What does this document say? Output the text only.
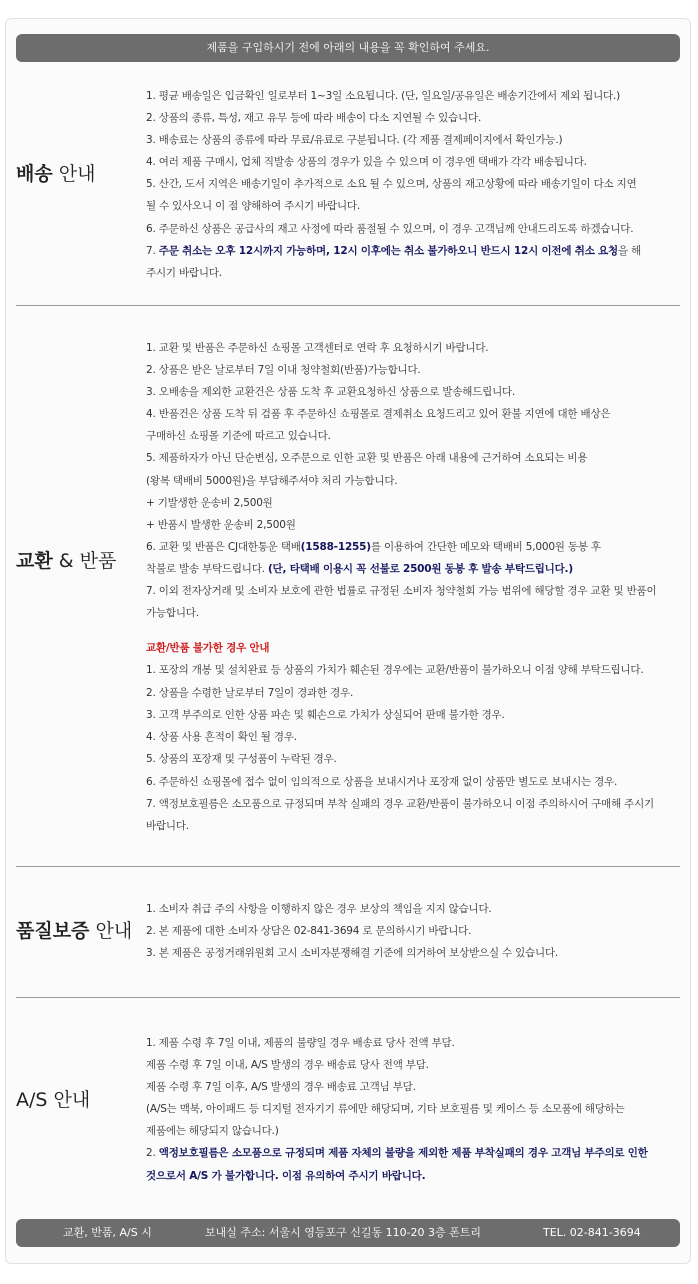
제품을 구입하시기 전에 아래의 내용을 꼭 확인하여 주세요.
배송 안내
1. 평균 배송일은 입금확인 일로부터 1~3일 소요됩니다. (단, 일요일/공유일은 배송기간에서 제외 됩니다.)
2. 상품의 종류, 특성, 재고 유무 등에 따라 배송이 다소 지연될 수 있습니다.
3. 배송료는 상품의 종류에 따라 무료/유료로 구분됩니다. (각 제품 결제페이지에서 확인가능.)
4. 여러 제품 구매시, 업체 직발송 상품의 경우가 있을 수 있으며 이 경우엔 택배가 각각 배송됩니다.
5. 산간, 도서 지역은 배송기일이 추가적으로 소요 될 수 있으며, 상품의 재고상황에 따라 배송기일이 다소 지연
될 수 있사오니 이 점 양해하여 주시기 바랍니다.
6. 주문하신 상품은 공급사의 재고 사정에 따라 품절될 수 있으며, 이 경우 고객님께 안내드리도록 하겠습니다.
7. 주문 취소는 오후 12시까지 가능하며, 12시 이후에는 취소 불가하오니 반드시 12시 이전에 취소 요청을 해
주시기 바랍니다.
교환 & 반품
1. 교환 및 반품은 주문하신 쇼핑몰 고객센터로 연락 후 요청하시기 바랍니다.
2. 상품은 받은 날로부터 7일 이내 청약철회(반품)가능합니다.
3. 오배송을 제외한 교환건은 상품 도착 후 교환요청하신 상품으로 발송해드립니다.
4. 반품건은 상품 도착 뒤 검품 후 주문하신 쇼핑몰로 결제취소 요청드리고 있어 환불 지연에 대한 배상은
구매하신 쇼핑몰 기준에 따르고 있습니다.
5. 제품하자가 아닌 단순변심, 오주문으로 인한 교환 및 반품은 아래 내용에 근거하여 소요되는 비용
(왕복 택배비 5000원)을 부담해주셔야 처리 가능합니다.
+ 기발생한 운송비 2,500원
+ 반품시 발생한 운송비 2,500원
6. 교환 및 반품은 CJ대한통운 택배(1588-1255)를 이용하여 간단한 메모와 택배비 5,000원 동봉 후
착불로 발송 부탁드립니다. (단, 타택배 이용시 꼭 선불로 2500원 동봉 후 발송 부탁드립니다.)
7. 이외 전자상거래 및 소비자 보호에 관한 법률로 규정된 소비자 청약철회 가능 범위에 해당할 경우 교환 및 반품이
가능합니다.
교환/반품 불가한 경우 안내
1. 포장의 개봉 및 설치완료 등 상품의 가치가 훼손된 경우에는 교환/반품이 불가하오니 이점 양해 부탁드립니다.
2. 상품을 수령한 날로부터 7일이 경과한 경우.
3. 고객 부주의로 인한 상품 파손 및 훼손으로 가치가 상실되어 판매 불가한 경우.
4. 상품 사용 흔적이 확인 될 경우.
5. 상품의 포장재 및 구성품이 누락된 경우.
6. 주문하신 쇼핑몰에 접수 없이 임의적으로 상품을 보내시거나 포장재 없이 상품만 별도로 보내시는 경우.
7. 액정보호필름은 소모품으로 규정되며 부착 실패의 경우 교환/반품이 불가하오니 이점 주의하시어 구매해 주시기
바랍니다.
품질보증 안내
1. 소비자 취급 주의 사항을 이행하지 않은 경우 보상의 책임을 지지 않습니다.
2. 본 제품에 대한 소비자 상담은 02-841-3694 로 문의하시기 바랍니다.
3. 본 제품은 공정거래위원회 고시 소비자분쟁해결 기준에 의거하여 보상받으실 수 있습니다.
A/S 안내
1. 제품 수령 후 7일 이내, 제품의 불량일 경우 배송료 당사 전액 부담.
제품 수령 후 7일 이내, A/S 발생의 경우 배송료 당사 전액 부담.
제품 수령 후 7일 이후, A/S 발생의 경우 배송료 고객님 부담.
(A/S는 맥북, 아이패드 등 디지털 전자기기 류에만 해당되며, 기타 보호필름 및 케이스 등 소모품에 해당하는
제품에는 해당되지 않습니다.)
2. 액정보호필름은 소모품으로 규정되며 제품 자체의 불량을 제외한 제품 부착실패의 경우 고객님 부주의로 인한
것으로서 A/S 가 불가합니다. 이점 유의하여 주시기 바랍니다.
교환, 반품, A/S 시	보내실 주소: 서울시 영등포구 신길동 110-20 3층 폰트리	TEL. 02-841-3694
